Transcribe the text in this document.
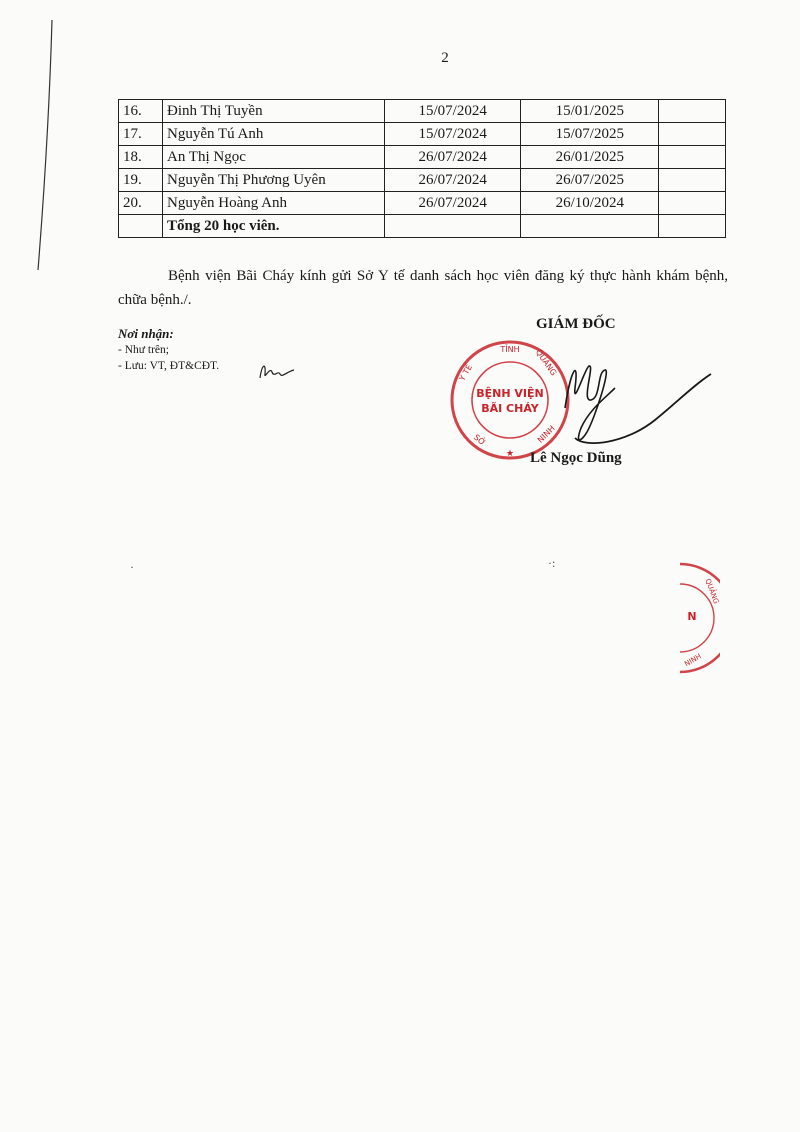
2
16.	Đinh Thị Tuyền	15/07/2024	15/01/2025	
17.	Nguyễn Tú Anh	15/07/2024	15/07/2025	
18.	An Thị Ngọc	26/07/2024	26/01/2025	
19.	Nguyễn Thị Phương Uyên	26/07/2024	26/07/2025	
20.	Nguyễn Hoàng Anh	26/07/2024	26/10/2024	
	Tổng 20 học viên.			

Bệnh viện Bãi Cháy kính gửi Sở Y tế danh sách học viên đăng ký thực hành khám bệnh, chữa bệnh./.

Nơi nhận:
- Như trên;
- Lưu: VT, ĐT&CĐT.
GIÁM ĐỐC
TỈNH QUẢNG
Y TẾ
NINH
SỞ
★
BỆNH VIỆN
BÃI CHÁY
Lê Ngọc Dũng
·:
·
QUẢNG
NINH
N
